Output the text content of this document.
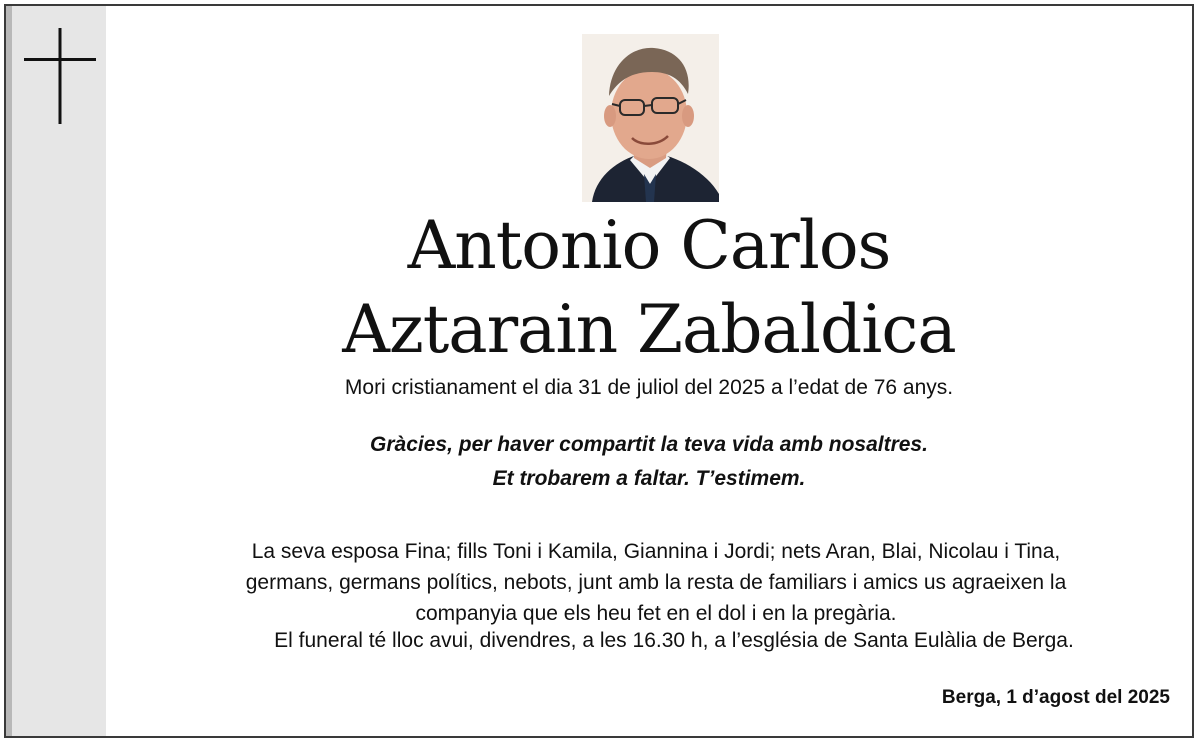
Antonio Carlos
Aztarain Zabaldica
Mori cristianament el dia 31 de juliol del 2025 a l’edat de 76 anys.
Gràcies, per haver compartit la teva vida amb nosaltres.
Et trobarem a faltar. T’estimem.
La seva esposa Fina; fills Toni i Kamila, Giannina i Jordi; nets Aran, Blai, Nicolau i Tina,
germans, germans polítics, nebots, junt amb la resta de familiars i amics us agraeixen la
companyia que els heu fet en el dol i en la pregària.
El funeral té lloc avui, divendres, a les 16.30 h, a l’església de Santa Eulàlia de Berga.
Berga, 1 d’agost del 2025
